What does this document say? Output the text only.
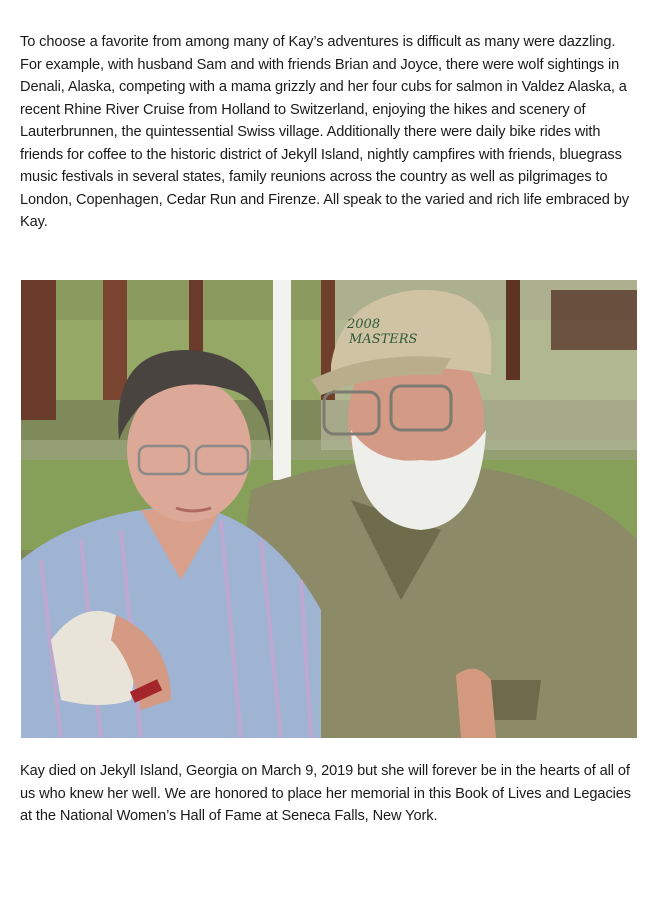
To choose a favorite from among many of Kay’s adventures is difficult as many were dazzling. For example, with husband Sam and with friends Brian and Joyce, there were wolf sightings in Denali, Alaska, competing with a mama grizzly and her four cubs for salmon in Valdez Alaska, a recent Rhine River Cruise from Holland to Switzerland, enjoying the hikes and scenery of Lauterbrunnen, the quintessential Swiss village. Additionally there were daily bike rides with friends for coffee to the historic district of Jekyll Island, nightly campfires with friends, bluegrass music festivals in several states, family reunions across the country as well as pilgrimages to London, Copenhagen, Cedar Run and Firenze. All speak to the varied and rich life embraced by Kay.

2008
MASTERS

Kay died on Jekyll Island, Georgia on March 9, 2019 but she will forever be in the hearts of all of us who knew her well. We are honored to place her memorial in this Book of Lives and Legacies at the National Women’s Hall of Fame at Seneca Falls, New York.
